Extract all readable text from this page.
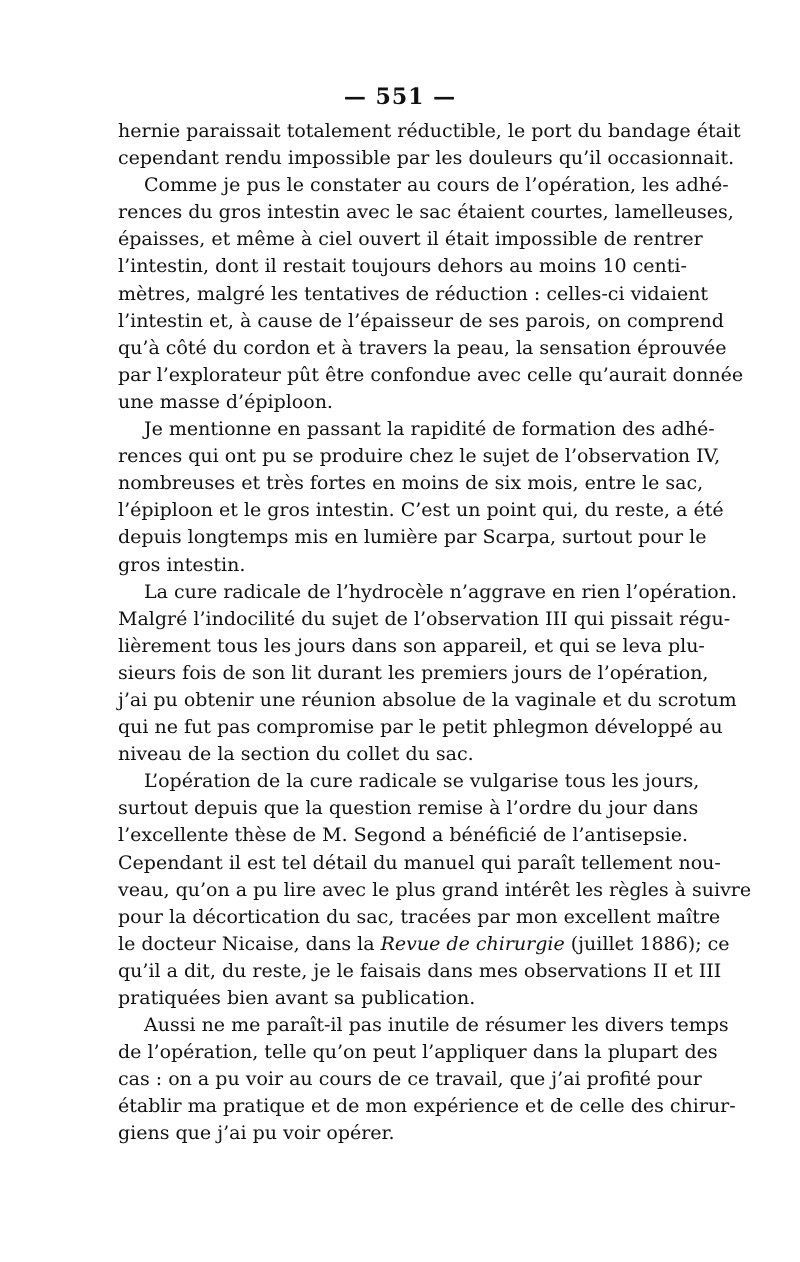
— 551 —
hernie paraissait totalement réductible, le port du bandage était
cependant rendu impossible par les douleurs qu’il occasionnait.
Comme je pus le constater au cours de l’opération, les adhé-
rences du gros intestin avec le sac étaient courtes, lamelleuses,
épaisses, et même à ciel ouvert il était impossible de rentrer
l’intestin, dont il restait toujours dehors au moins 10 centi-
mètres, malgré les tentatives de réduction : celles-ci vidaient
l’intestin et, à cause de l’épaisseur de ses parois, on comprend
qu’à côté du cordon et à travers la peau, la sensation éprouvée
par l’explorateur pût être confondue avec celle qu’aurait donnée
une masse d’épiploon.
Je mentionne en passant la rapidité de formation des adhé-
rences qui ont pu se produire chez le sujet de l’observation IV,
nombreuses et très fortes en moins de six mois, entre le sac,
l’épiploon et le gros intestin. C’est un point qui, du reste, a été
depuis longtemps mis en lumière par Scarpa, surtout pour le
gros intestin.
La cure radicale de l’hydrocèle n’aggrave en rien l’opération.
Malgré l’indocilité du sujet de l’observation III qui pissait régu-
lièrement tous les jours dans son appareil, et qui se leva plu-
sieurs fois de son lit durant les premiers jours de l’opération,
j’ai pu obtenir une réunion absolue de la vaginale et du scrotum
qui ne fut pas compromise par le petit phlegmon développé au
niveau de la section du collet du sac.
L’opération de la cure radicale se vulgarise tous les jours,
surtout depuis que la question remise à l’ordre du jour dans
l’excellente thèse de M. Segond a bénéficié de l’antisepsie.
Cependant il est tel détail du manuel qui paraît tellement nou-
veau, qu’on a pu lire avec le plus grand intérêt les règles à suivre
pour la décortication du sac, tracées par mon excellent maître
le docteur Nicaise, dans la Revue de chirurgie (juillet 1886); ce
qu’il a dit, du reste, je le faisais dans mes observations II et III
pratiquées bien avant sa publication.
Aussi ne me paraît-il pas inutile de résumer les divers temps
de l’opération, telle qu’on peut l’appliquer dans la plupart des
cas : on a pu voir au cours de ce travail, que j’ai profité pour
établir ma pratique et de mon expérience et de celle des chirur-
giens que j’ai pu voir opérer.
